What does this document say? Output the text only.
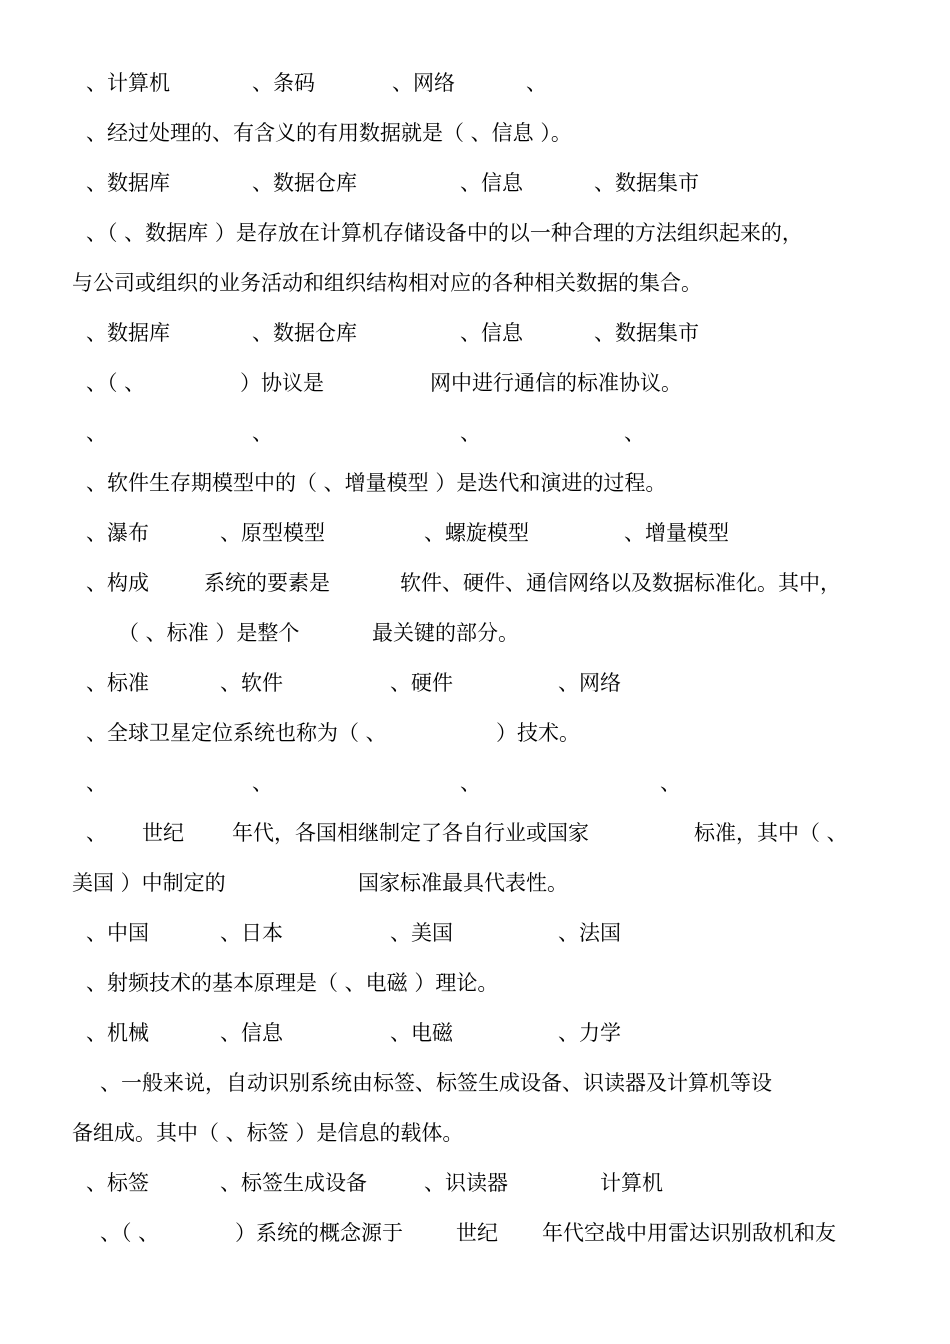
、计算机	、条码	、网络	、
、经过处理的、有含义的有用数据就是（ 、信息 ）。
、数据库	、数据仓库	、信息	、数据集市
、（ 、数据库 ）是存放在计算机存储设备中的以一种合理的方法组织起来的，
与公司或组织的业务活动和组织结构相对应的各种相关数据的集合。
、数据库	、数据仓库	、信息	、数据集市
、（ 、	）协议是	网中进行通信的标准协议。
、	、	、	、
、软件生存期模型中的（ 、增量模型 ）是迭代和演进的过程。
、瀑布	、原型模型	、螺旋模型	、增量模型
、构成	系统的要素是	软件、硬件、通信网络以及数据标准化。其中，
（ 、标准 ）是整个	最关键的部分。
、标准	、软件	、硬件	、网络
、全球卫星定位系统也称为（ 、	）技术。
、	、	、	、
、 世纪 年代，各国相继制定了各自行业或国家	标准，其中（ 、
美国 ）中制定的	国家标准最具代表性。
、中国	、日本	、美国	、法国
、射频技术的基本原理是（ 、电磁 ）理论。
、机械	、信息	、电磁	、力学
、一般来说，自动识别系统由标签、标签生成设备、识读器及计算机等设
备组成。其中（ 、标签 ）是信息的载体。
、标签	、标签生成设备	、识读器	计算机
、（ 、	）系统的概念源于	世纪 年代空战中用雷达识别敌机和友
